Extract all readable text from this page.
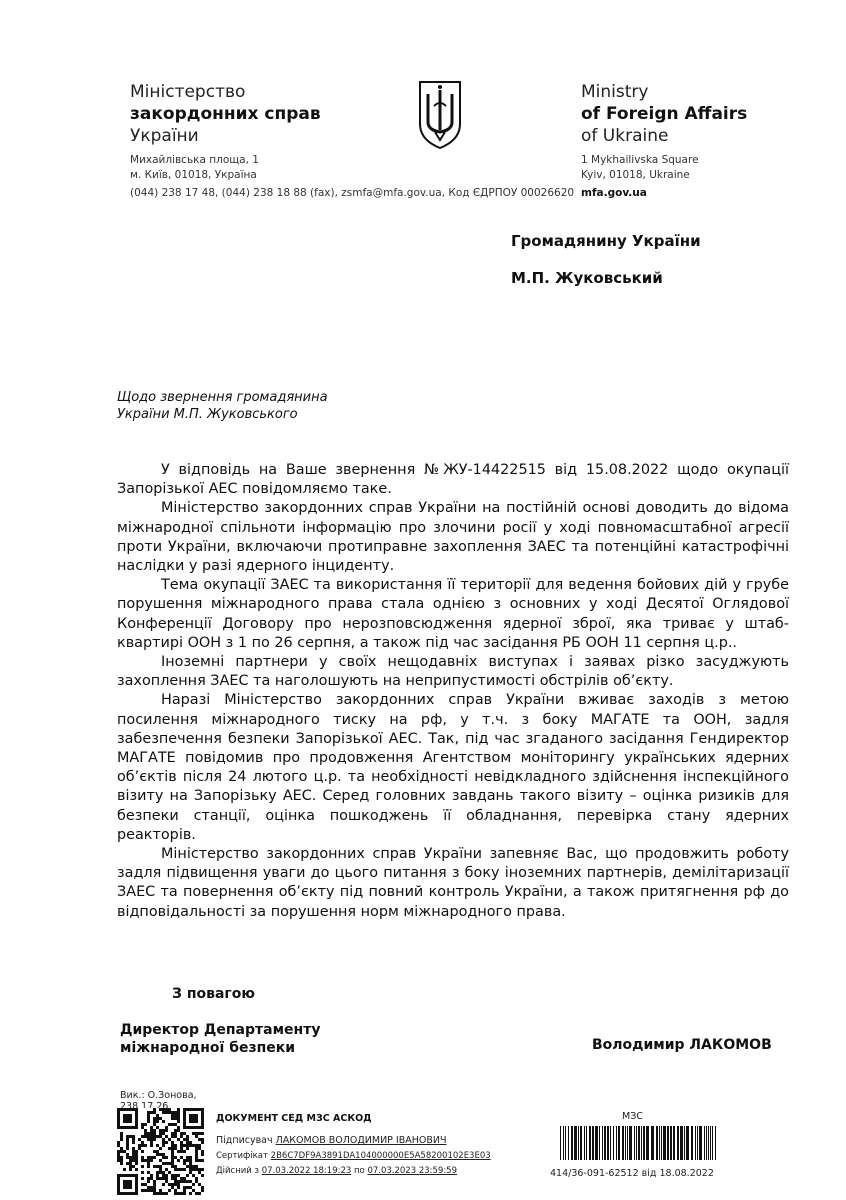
Міністерство
закордонних справ
України
Михайлівська площа, 1
м. Київ, 01018, Україна
(044) 238 17 48, (044) 238 18 88 (fax), zsmfa@mfa.gov.ua, Код ЄДРПОУ 00026620
Ministry
of Foreign Affairs
of Ukraine
1 Mykhailivska Square
Kyiv, 01018, Ukraine
mfa.gov.ua
Громадянину України
М.П. Жуковський
Щодо звернення громадянина
України М.П. Жуковського

У відповідь на Ваше звернення №ЖУ-14422515 від 15.08.2022 щодо окупації Запорізької АЕС повідомляємо таке.

Міністерство закордонних справ України на постійній основі доводить до відома міжнародної спільноти інформацію про злочини росії у ході повномасштабної агресії проти України, включаючи протиправне захоплення ЗАЕС та потенційні катастрофічні наслідки у разі ядерного інциденту.

Тема окупації ЗАЕС та використання її території для ведення бойових дій у грубе порушення міжнародного права стала однією з основних у ході Десятої Оглядової Конференції Договору про нерозповсюдження ядерної зброї, яка триває у штаб-квартирі ООН з 1 по 26 серпня, а також під час засідання РБ ООН 11 серпня ц.р..

Іноземні партнери у своїх нещодавніх виступах і заявах різко засуджують захоплення ЗАЕС та наголошують на неприпустимості обстрілів об’єкту.

Наразі Міністерство закордонних справ України вживає заходів з метою посилення міжнародного тиску на рф, у т.ч. з боку МАГАТЕ та ООН, задля забезпечення безпеки Запорізької АЕС. Так, під час згаданого засідання Гендиректор МАГАТЕ повідомив про продовження Агентством моніторингу українських ядерних об’єктів після 24 лютого ц.р. та необхідності невідкладного здійснення інспекційного візиту на Запорізьку АЕС. Серед головних завдань такого візиту – оцінка ризиків для безпеки станції, оцінка пошкоджень її обладнання, перевірка стану ядерних реакторів.

Міністерство закордонних справ України запевняє Вас, що продовжить роботу задля підвищення уваги до цього питання з боку іноземних партнерів, демілітаризації ЗАЕС та повернення об’єкту під повний контроль України, а також притягнення рф до відповідальності за порушення норм міжнародного права.

З повагою
Директор Департаменту
міжнародної безпеки	Володимир ЛАКОМОВ
Вик.: О.Зонова,
238 17 26
ДОКУМЕНТ СЕД МЗС АСКОД
Підписувач ЛАКОМОВ ВОЛОДИМИР ІВАНОВИЧ
Сертифікат 2B6C7DF9A3891DA104000000E5A58200102E3E03
Дійсний з 07.03.2022 18:19:23 по 07.03.2023 23:59:59
МЗС
414/36-091-62512 від 18.08.2022
